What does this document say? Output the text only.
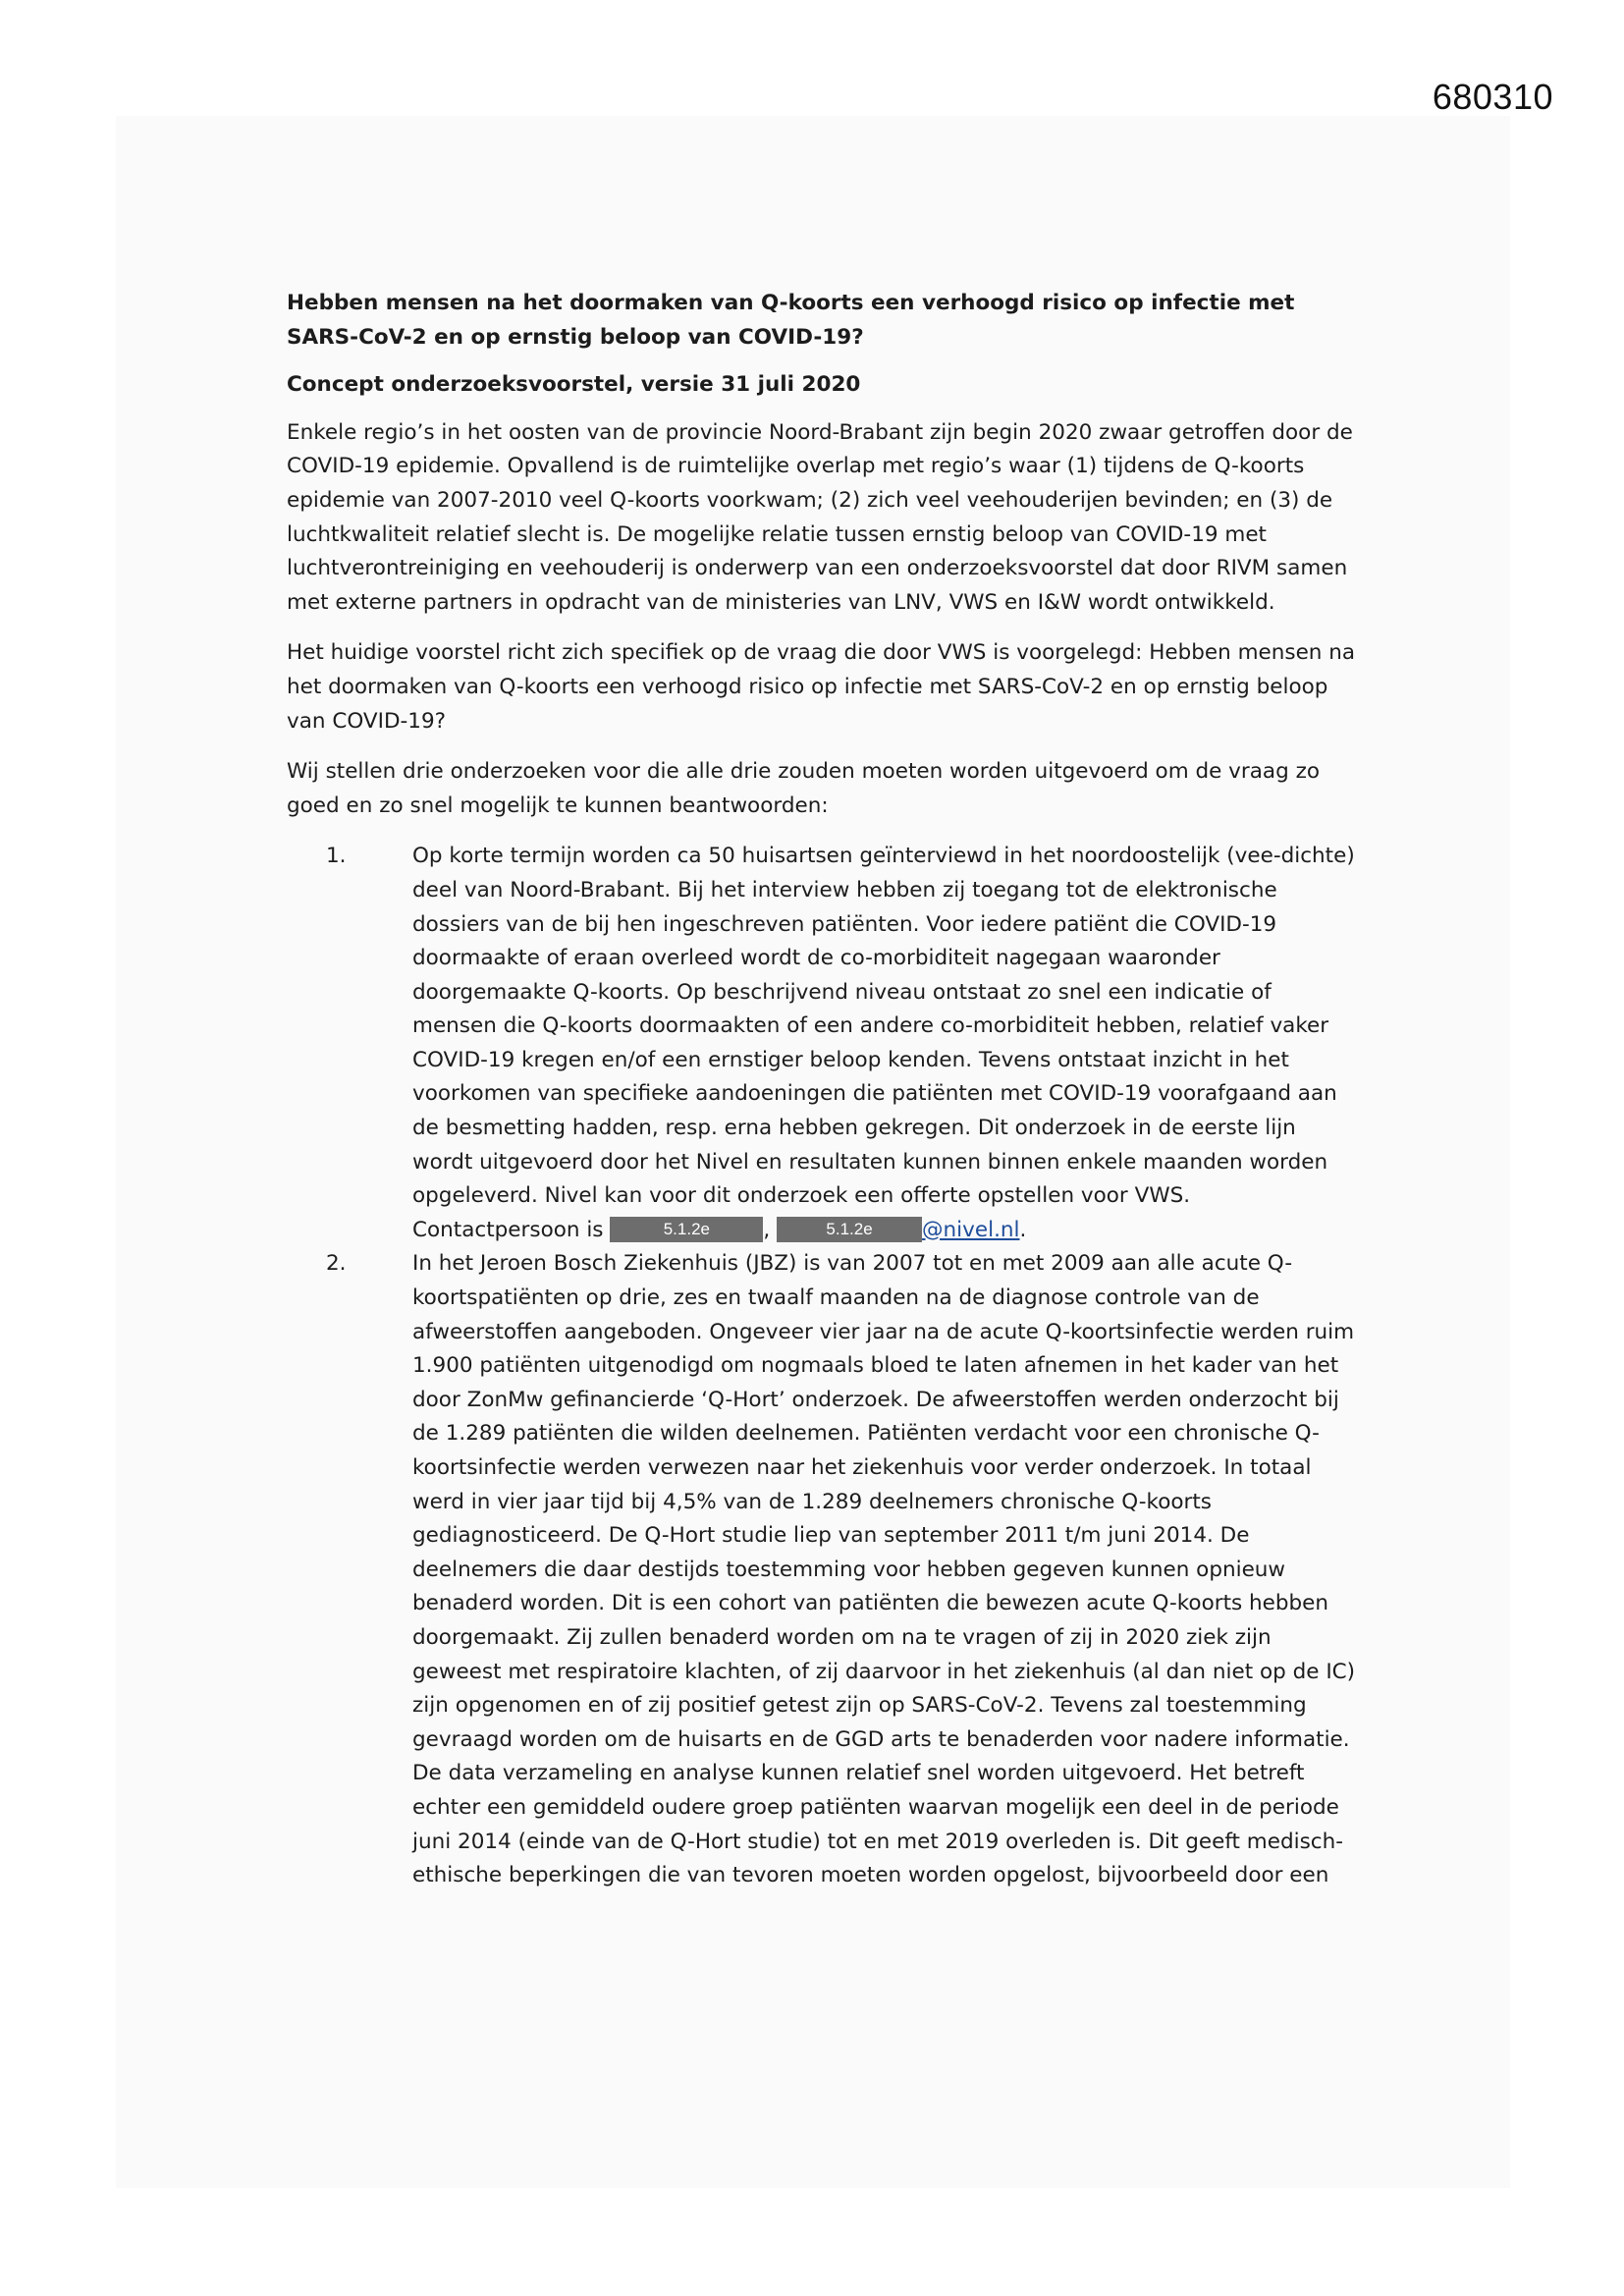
680310
Hebben mensen na het doormaken van Q-koorts een verhoogd risico op infectie met SARS-CoV-2 en op ernstig beloop van COVID-19?
Concept onderzoeksvoorstel, versie 31 juli 2020

Enkele regio’s in het oosten van de provincie Noord-Brabant zijn begin 2020 zwaar getroffen door de COVID-19 epidemie. Opvallend is de ruimtelijke overlap met regio’s waar (1) tijdens de Q-koorts epidemie van 2007-2010 veel Q-koorts voorkwam; (2) zich veel veehouderijen bevinden; en (3) de luchtkwaliteit relatief slecht is. De mogelijke relatie tussen ernstig beloop van COVID-19 met luchtverontreiniging en veehouderij is onderwerp van een onderzoeksvoorstel dat door RIVM samen met externe partners in opdracht van de ministeries van LNV, VWS en I&W wordt ontwikkeld.

Het huidige voorstel richt zich specifiek op de vraag die door VWS is voorgelegd: Hebben mensen na het doormaken van Q-koorts een verhoogd risico op infectie met SARS-CoV-2 en op ernstig beloop van COVID-19?

Wij stellen drie onderzoeken voor die alle drie zouden moeten worden uitgevoerd om de vraag zo goed en zo snel mogelijk te kunnen beantwoorden:

1.	Op korte termijn worden ca 50 huisartsen geïnterviewd in het noordoostelijk (vee-dichte) deel van Noord-Brabant. Bij het interview hebben zij toegang tot de elektronische dossiers van de bij hen ingeschreven patiënten. Voor iedere patiënt die COVID-19 doormaakte of eraan overleed wordt de co-morbiditeit nagegaan waaronder doorgemaakte Q-koorts. Op beschrijvend niveau ontstaat zo snel een indicatie of mensen die Q-koorts doormaakten of een andere co-morbiditeit hebben, relatief vaker COVID-19 kregen en/of een ernstiger beloop kenden. Tevens ontstaat inzicht in het voorkomen van specifieke aandoeningen die patiënten met COVID-19 voorafgaand aan de besmetting hadden, resp. erna hebben gekregen. Dit onderzoek in de eerste lijn wordt uitgevoerd door het Nivel en resultaten kunnen binnen enkele maanden worden opgeleverd. Nivel kan voor dit onderzoek een offerte opstellen voor VWS.
Contactpersoon is	5.1.2e	,	5.1.2e @nivel.nl.
2.	In het Jeroen Bosch Ziekenhuis (JBZ) is van 2007 tot en met 2009 aan alle acute Q-koortspatiënten op drie, zes en twaalf maanden na de diagnose controle van de afweerstoffen aangeboden. Ongeveer vier jaar na de acute Q-koortsinfectie werden ruim 1.900 patiënten uitgenodigd om nogmaals bloed te laten afnemen in het kader van het door ZonMw gefinancierde ‘Q-Hort’ onderzoek. De afweerstoffen werden onderzocht bij de 1.289 patiënten die wilden deelnemen. Patiënten verdacht voor een chronische Q-koortsinfectie werden verwezen naar het ziekenhuis voor verder onderzoek. In totaal werd in vier jaar tijd bij 4,5% van de 1.289 deelnemers chronische Q-koorts gediagnosticeerd. De Q-Hort studie liep van september 2011 t/m juni 2014. De deelnemers die daar destijds toestemming voor hebben gegeven kunnen opnieuw benaderd worden. Dit is een cohort van patiënten die bewezen acute Q-koorts hebben doorgemaakt. Zij zullen benaderd worden om na te vragen of zij in 2020 ziek zijn geweest met respiratoire klachten, of zij daarvoor in het ziekenhuis (al dan niet op de IC) zijn opgenomen en of zij positief getest zijn op SARS-CoV-2. Tevens zal toestemming gevraagd worden om de huisarts en de GGD arts te benaderden voor nadere informatie. De data verzameling en analyse kunnen relatief snel worden uitgevoerd. Het betreft echter een gemiddeld oudere groep patiënten waarvan mogelijk een deel in de periode juni 2014 (einde van de Q-Hort studie) tot en met 2019 overleden is. Dit geeft medisch-ethische beperkingen die van tevoren moeten worden opgelost, bijvoorbeeld door een
